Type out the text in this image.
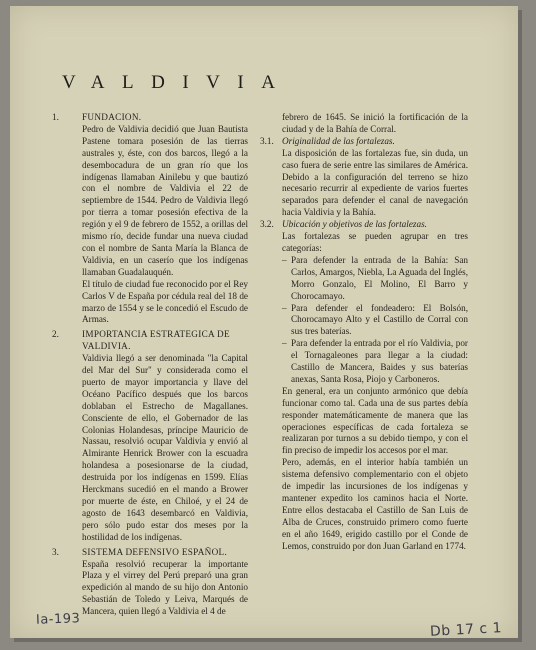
VALDIVIA
1.	FUNDACION.

Pedro de Valdivia decidió que Juan Bautista Pastene tomara posesión de las tierras australes y, éste, con dos barcos, llegó a la desembocadura de un gran río que los indígenas llamaban Ainilebu y que bautizó con el nombre de Valdivia el 22 de septiembre de 1544. Pedro de Valdivia llegó por tierra a tomar posesión efectiva de la región y el 9 de febrero de 1552, a orillas del mismo río, decide fundar una nueva ciudad con el nombre de Santa María la Blanca de Valdivia, en un caserío que los indígenas llamaban Guadalauquén.

El título de ciudad fue reconocido por el Rey Carlos V de España por cédula real del 18 de marzo de 1554 y se le concedió el Escudo de Armas.

2.	IMPORTANCIA ESTRATEGICA DE VALDIVIA.

Valdivia llegó a ser denominada "la Capital del Mar del Sur" y considerada como el puerto de mayor importancia y llave del Océano Pacífico después que los barcos doblaban el Estrecho de Magallanes. Consciente de ello, el Gobernador de las Colonias Holandesas, príncipe Mauricio de Nassau, resolvió ocupar Valdivia y envió al Almirante Henrick Brower con la escuadra holandesa a posesionarse de la ciudad, destruida por los indígenas en 1599. Elías Herckmans sucedió en el mando a Brower por muerte de éste, en Chiloé, y el 24 de agosto de 1643 desembarcó en Valdivia, pero sólo pudo estar dos meses por la hostilidad de los indígenas.

3.	SISTEMA DEFENSIVO ESPAÑOL.

España resolvió recuperar la importante Plaza y el virrey del Perú preparó una gran expedición al mando de su hijo don Antonio Sebastián de Toledo y Leiva, Marqués de Mancera, quien llegó a Valdivia el 4 de

febrero de 1645. Se inició la fortificación de la ciudad y de la Bahía de Corral.

3.1. Originalidad de las fortalezas.

La disposición de las fortalezas fue, sin duda, un caso fuera de serie entre las similares de América. Debido a la configuración del terreno se hizo necesario recurrir al expediente de varios fuertes separados para defender el canal de navegación hacia Valdivia y la Bahía.

3.2. Ubicación y objetivos de las fortalezas.

Las fortalezas se pueden agrupar en tres categorías:

– Para defender la entrada de la Bahía: San Carlos, Amargos, Niebla, La Aguada del Inglés, Morro Gonzalo, El Molino, El Barro y Chorocamayo.

– Para defender el fondeadero: El Bolsón, Chorocamayo Alto y el Castillo de Corral con sus tres baterías.

– Para defender la entrada por el río Valdivia, por el Tornagaleones para llegar a la ciudad: Castillo de Mancera, Baides y sus baterías anexas, Santa Rosa, Piojo y Carboneros.

En general, era un conjunto armónico que debía funcionar como tal. Cada una de sus partes debía responder matemáticamente de manera que las operaciones específicas de cada fortaleza se realizaran por turnos a su debido tiempo, y con el fin preciso de impedir los accesos por el mar.

Pero, además, en el interior había también un sistema defensivo complementario con el objeto de impedir las incursiones de los indígenas y mantener expedito los caminos hacia el Norte. Entre ellos destacaba el Castillo de San Luis de Alba de Cruces, construido primero como fuerte en el año 1649, erigido castillo por el Conde de Lemos, construido por don Juan Garland en 1774.

Ia-193
Db 17 c 1
